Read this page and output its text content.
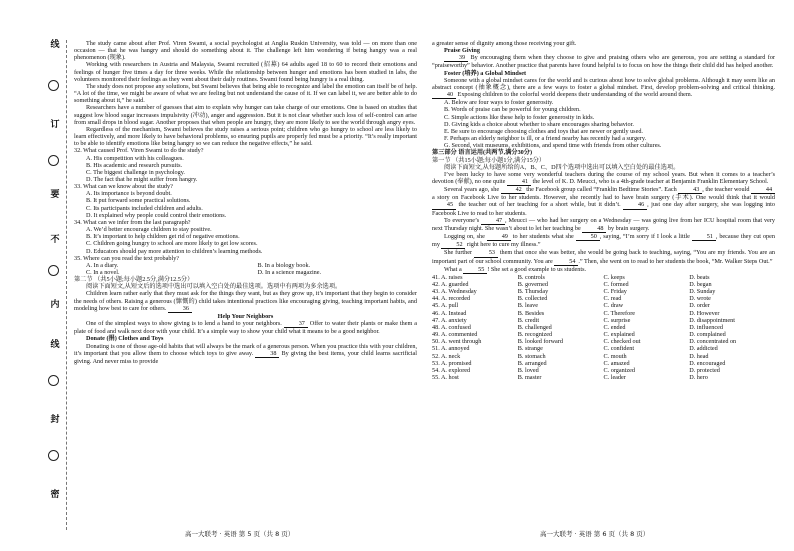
线
订
要
不
内
线
封
密

The study came about after Prof. Viren Swami, a social psychologist at Anglia Ruskin University, was told — on more than one occasion — that he was hangry and should do something about it. The challenge left him wondering if being hangry was a real phenomenon (现象).

Working with researchers in Austria and Malaysia, Swami recruited (招募) 64 adults aged 18 to 60 to record their emotions and feelings of hunger five times a day for three weeks. While the relationship between hunger and emotions has been studied in labs, the volunteers monitored their feelings as they went about their daily routines. Swami found being hungry is a real thing.

The study does not propose any solutions, but Swami believes that being able to recognize and label the emotion can itself be of help. “A lot of the time, we might be aware of what we are feeling but not understand the cause of it. If we can label it, we are better able to do something about it,” he said.

Researchers have a number of guesses that aim to explain why hunger can take charge of our emotions. One is based on studies that suggest low blood sugar increases impulsivity (冲动), anger and aggression. But it is not clear whether such loss of self-control can arise from small drops in blood sugar. Another proposes that when people are hungry, they are more likely to see the world through angry eyes.

Regardless of the mechanism, Swami believes the study raises a serious point; children who go hungry to school are less likely to learn effectively, and more likely to have behavioral problems, so ensuring pupils are properly fed must be a priority. “It’s really important to be able to identify emotions like being hangry so we can reduce the negative effects,” he said.

32. What caused Prof. Viren Swami to do the study?

A. His competition with his colleagues.

B. His academic and research pursuits.

C. The biggest challenge in psychology.

D. The fact that he might suffer from hangry.

33. What can we know about the study?

A. Its importance is beyond doubt.

B. It put forward some practical solutions.

C. Its participants included children and adults.

D. It explained why people could control their emotions.

34. What can we infer from the last paragraph?

A. We’d better encourage children to stay positive.

B. It’s important to help children get rid of negative emotions.

C. Children going hungry to school are more likely to get low scores.

D. Educators should pay more attention to children’s learning methods.

35. Where can you read the text probably?

A. In a diary.	B. In a biology book.

C. In a novel.	D. In a science magazine.

第二节 （共5小题;每小题2.5分,满分12.5分）

阅读下面短文,从短文后的选项中选出可以填入空白处的最佳选项。选项中有两项为多余选项。

Children learn rather early that they must ask for the things they want, but as they grow up, it’s important that they begin to consider the needs of others. Raising a generous (慷慨的) child takes intentional practices like encouraging giving, teaching important habits, and modeling how best to care for others.	36

Help Your Neighbors

One of the simplest ways to show giving is to lend a hand to your neighbors.	37 Offer to water their plants or make them a plate of food and walk next door with your child. It’s a simple way to show your child what it means to be a good neighbor.

Donate (捐) Clothes and Toys

Donating is one of those age-old habits that will always be the mark of a generous person. When you practice this with your children, it’s important that you allow them to choose which toys to give away.	38 By giving the best items, your child learns sacrificial giving. And never miss to provide

a greater sense of dignity among those receiving your gift.

Praise Giving

39 By encouraging them when they choose to give and praising others who are generous, you are setting a standard for “praiseworthy” behavior. Another practice that parents have found helpful is to focus on how the things their child did has helped another.

Foster (培养) a Global Mindset

Someone with a global mindset cares for the world and is curious about how to solve global problems. Although it may seem like an abstract concept (抽象概念), there are a few ways to foster a global mindset. First, develop problem-solving and critical thinking. 40 Exposing children to the colorful world deepens their understanding of the world around them.

A. Below are four ways to foster generosity.

B. Words of praise can be powerful for young children.

C. Simple actions like these help to foster generosity in kids.

D. Giving kids a choice about whether to share encourages sharing behavior.

E. Be sure to encourage choosing clothes and toys that are newer or gently used.

F. Perhaps an elderly neighbor is ill, or a friend nearby has recently had a surgery.

G. Second, visit museums, exhibitions, and spend time with friends from other cultures.

第三部分 语言运用(共两节,满分30分)

第一节 （共15小题;每小题1分,满分15分）

阅读下面短文,从每题所给的A、B、C、D四个选项中选出可以填入空白处的最佳选项。

I’ve been lucky to have some very wonderful teachers during the course of my school years. But when it comes to a teacher’s devotion (奉献), no one quite 41 the level of K. D. Meucci, who is a 4th-grade teacher at Benjamin Franklin Elementary School.

Several years ago, she 42 the Facebook group called “Franklin Bedtime Stories”. Each 43 , the teacher would 44 a story on Facebook Live to her students. However, she recently had to have brain surgery (手术). One would think that it would 45 the teacher out of her teaching for a short while, but it didn’t. 46 , just one day after surgery, she was logging into Facebook Live to read to her students.

To everyone’s 47 , Meucci — who had her surgery on a Wednesday — was going live from her ICU hospital room that very next Thursday night. She wasn’t about to let her teaching be 48 by brain surgery.

Logging on, she 49 to her students what she 50 , saying, “I’m sorry if I look a little 51 , because they cut open my 52 right here to cure my illness.”

She further 53 them that once she was better, she would be going back to teaching, saying, “You are my friends. You are an important part of our school community. You are 54 .” Then, she went on to read to her students the book, “Mr. Walker Steps Out.”

What a 55 ! She set a good example to us students.

41. A. raises	B. controls	C. keeps	D. beats

42. A. guarded	B. governed	C. formed	D. began

43. A. Wednesday	B. Thursday	C. Friday	D. Sunday

44. A. recorded	B. collected	C. read	D. wrote

45. A. pull	B. leave	C. draw	D. order

46. A. Instead	B. Besides	C. Therefore	D. However

47. A. anxiety	B. credit	C. surprise	D. disappointment

48. A. confused	B. challenged	C. ended	D. influenced

49. A. commented	B. recognized	C. explained	D. complained

50. A. went through	B. looked forward	C. checked out	D. concentrated on

51. A. annoyed	B. strange	C. confident	D. addicted

52. A. neck	B. stomach	C. mouth	D. head

53. A. promised	B. arranged	C. amazed	D. encouraged

54. A. explored	B. loved	C. organized	D. protected

55. A. host	B. master	C. leader	D. hero

高一大联考 · 英语 第 5 页（共 8 页）	高一大联考 · 英语 第 6 页（共 8 页）
